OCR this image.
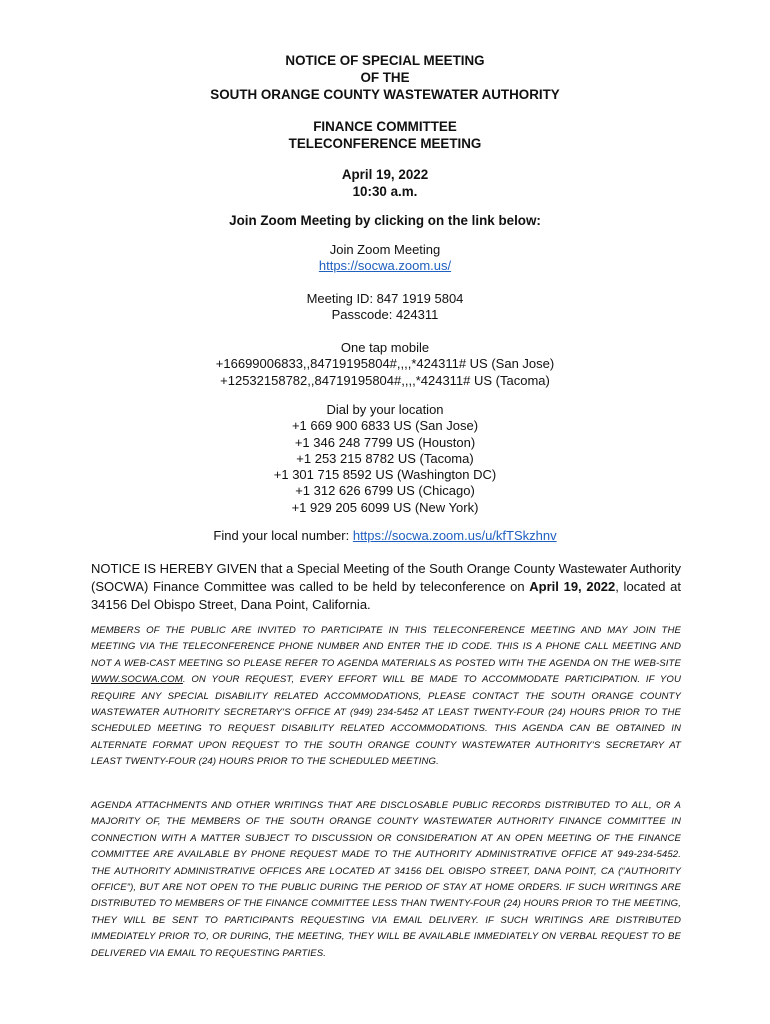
NOTICE OF SPECIAL MEETING
OF THE
SOUTH ORANGE COUNTY WASTEWATER AUTHORITY
FINANCE COMMITTEE
TELECONFERENCE MEETING
April 19, 2022
10:30 a.m.
Join Zoom Meeting by clicking on the link below:
Join Zoom Meeting
https://socwa.zoom.us/
Meeting ID: 847 1919 5804
Passcode: 424311
One tap mobile
+16699006833,,84719195804#,,,,*424311# US (San Jose)
+12532158782,,84719195804#,,,,*424311# US (Tacoma)
Dial by your location
+1 669 900 6833 US (San Jose)
+1 346 248 7799 US (Houston)
+1 253 215 8782 US (Tacoma)
+1 301 715 8592 US (Washington DC)
+1 312 626 6799 US (Chicago)
+1 929 205 6099 US (New York)
Find your local number: https://socwa.zoom.us/u/kfTSkzhnv
NOTICE IS HEREBY GIVEN that a Special Meeting of the South Orange County Wastewater Authority (SOCWA) Finance Committee was called to be held by teleconference on April 19, 2022, located at 34156 Del Obispo Street, Dana Point, California.
MEMBERS OF THE PUBLIC ARE INVITED TO PARTICIPATE IN THIS TELECONFERENCE MEETING AND MAY JOIN THE MEETING VIA THE TELECONFERENCE PHONE NUMBER AND ENTER THE ID CODE. THIS IS A PHONE CALL MEETING AND NOT A WEB-CAST MEETING SO PLEASE REFER TO AGENDA MATERIALS AS POSTED WITH THE AGENDA ON THE WEB-SITE WWW.SOCWA.COM. ON YOUR REQUEST, EVERY EFFORT WILL BE MADE TO ACCOMMODATE PARTICIPATION. IF YOU REQUIRE ANY SPECIAL DISABILITY RELATED ACCOMMODATIONS, PLEASE CONTACT THE SOUTH ORANGE COUNTY WASTEWATER AUTHORITY SECRETARY'S OFFICE AT (949) 234-5452 AT LEAST TWENTY-FOUR (24) HOURS PRIOR TO THE SCHEDULED MEETING TO REQUEST DISABILITY RELATED ACCOMMODATIONS. THIS AGENDA CAN BE OBTAINED IN ALTERNATE FORMAT UPON REQUEST TO THE SOUTH ORANGE COUNTY WASTEWATER AUTHORITY'S SECRETARY AT LEAST TWENTY-FOUR (24) HOURS PRIOR TO THE SCHEDULED MEETING.
AGENDA ATTACHMENTS AND OTHER WRITINGS THAT ARE DISCLOSABLE PUBLIC RECORDS DISTRIBUTED TO ALL, OR A MAJORITY OF, THE MEMBERS OF THE SOUTH ORANGE COUNTY WASTEWATER AUTHORITY FINANCE COMMITTEE IN CONNECTION WITH A MATTER SUBJECT TO DISCUSSION OR CONSIDERATION AT AN OPEN MEETING OF THE FINANCE COMMITTEE ARE AVAILABLE BY PHONE REQUEST MADE TO THE AUTHORITY ADMINISTRATIVE OFFICE AT 949-234-5452. THE AUTHORITY ADMINISTRATIVE OFFICES ARE LOCATED AT 34156 DEL OBISPO STREET, DANA POINT, CA (“AUTHORITY OFFICE”), BUT ARE NOT OPEN TO THE PUBLIC DURING THE PERIOD OF STAY AT HOME ORDERS. IF SUCH WRITINGS ARE DISTRIBUTED TO MEMBERS OF THE FINANCE COMMITTEE LESS THAN TWENTY-FOUR (24) HOURS PRIOR TO THE MEETING, THEY WILL BE SENT TO PARTICIPANTS REQUESTING VIA EMAIL DELIVERY. IF SUCH WRITINGS ARE DISTRIBUTED IMMEDIATELY PRIOR TO, OR DURING, THE MEETING, THEY WILL BE AVAILABLE IMMEDIATELY ON VERBAL REQUEST TO BE DELIVERED VIA EMAIL TO REQUESTING PARTIES.
